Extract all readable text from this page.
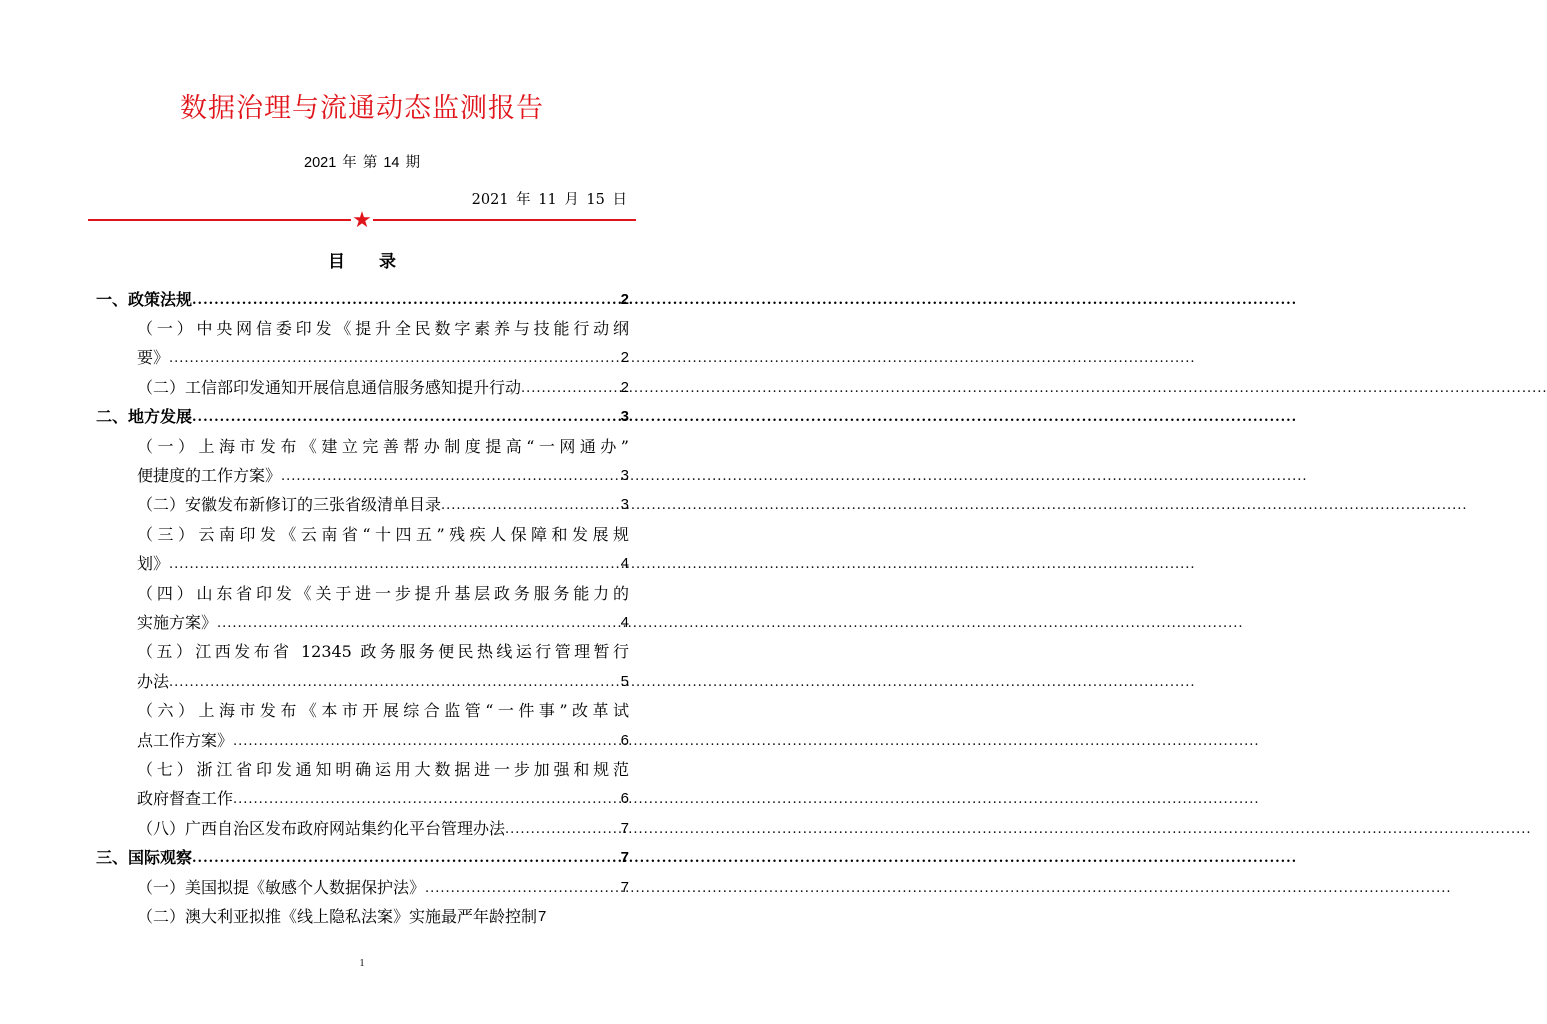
数据治理与流通动态监测报告
2021 年 第 14 期
2021 年 11 月 15 日
★
目 录
一、 政策法规 .....	2
（一）中央网信委印发《提升全民数字素养与技能行动纲
要》 .....	2
（二）工信部印发通知开展信息通信服务感知提升行动 .....	2
二、 地方发展 .....	3
（一）上海市发布《建立完善帮办制度提高“一网通办”
便捷度的工作方案》 .....	3
（二）安徽发布新修订的三张省级清单目录 .....	3
（三）云南印发《云南省“十四五”残疾人保障和发展规
划》 .....	4
（四）山东省印发《关于进一步提升基层政务服务能力的
实施方案》 .....	4
（五）江西发布省 12345 政务服务便民热线运行管理暂行
办法 .....	5
（六）上海市发布《本市开展综合监管“一件事”改革试
点工作方案》 .....	6
（七）浙江省印发通知明确运用大数据进一步加强和规范
政府督查工作 .....	6
（八）广西自治区发布政府网站集约化平台管理办法 .....	7
三、 国际观察 .....	7
（一）美国拟提《敏感个人数据保护法》 .....	7
（二）澳大利亚拟推《线上隐私法案》实施最严年龄控制 7
1
